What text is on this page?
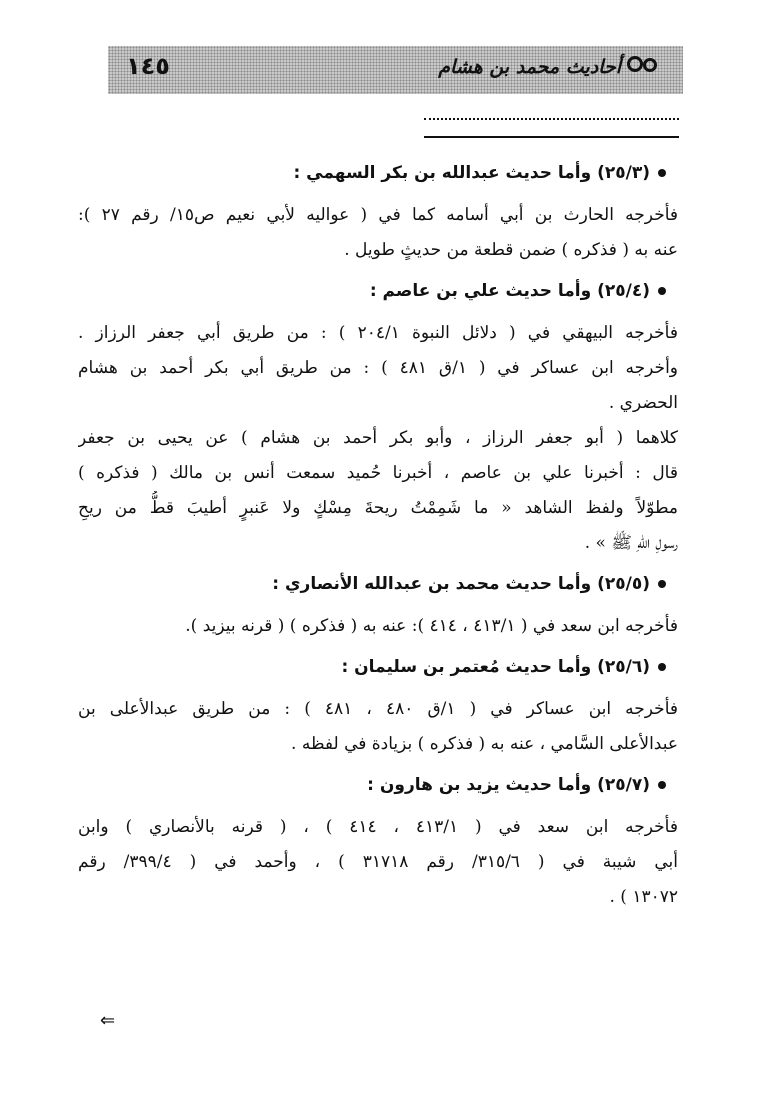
١٤٥	أحاديث محمد بن هشام
(٢٥/٣) وأما حديث عبدالله بن بكر السهمي :
فأخرجه الحارث بن أبي أسامه كما في ( عواليه لأبي نعيم ص١٥/ رقم ٢٧ ):
عنه به ( فذكره ) ضمن قطعة من حديثٍ طويل .
(٢٥/٤) وأما حديث علي بن عاصم :
فأخرجه البيهقي في ( دلائل النبوة ٢٠٤/١ ) : من طريق أبي جعفر الرزاز .
وأخرجه ابن عساكر في ( ١/ق ٤٨١ ) : من طريق أبي بكر أحمد بن هشام
الحضري .
كلاهما ( أبو جعفر الرزاز ، وأبو بكر أحمد بن هشام ) عن يحيى بن جعفر
قال : أخبرنا علي بن عاصم ، أخبرنا حُميد سمعت أنس بن مالك ( فذكره )
مطوّلاً ولفظ الشاهد « ما شَمِمْتُ ريحةَ مِسْكٍ ولا عَنبرٍ أطيبَ قطُّ من ريحِ
رسولِ اللهِ ﷺ » .
(٢٥/٥) وأما حديث محمد بن عبدالله الأنصاري :
فأخرجه ابن سعد في ( ٤١٣/١ ، ٤١٤ ): عنه به ( فذكره ) ( قرنه بيزيد ).
(٢٥/٦) وأما حديث مُعتمر بن سليمان :
فأخرجه ابن عساكر في ( ١/ق ٤٨٠ ، ٤٨١ ) : من طريق عبدالأعلى بن
عبدالأعلى السَّامي ، عنه به ( فذكره ) بزيادة في لفظه .
(٢٥/٧) وأما حديث يزيد بن هارون :
فأخرجه ابن سعد في ( ٤١٣/١ ، ٤١٤ ) ، ( قرنه بالأنصاري ) وابن
أبي شيبة في ( ٣١٥/٦/ رقم ٣١٧١٨ ) ، وأحمد في ( ٣٩٩/٤/ رقم
١٣٠٧٢ ) .
⇐
